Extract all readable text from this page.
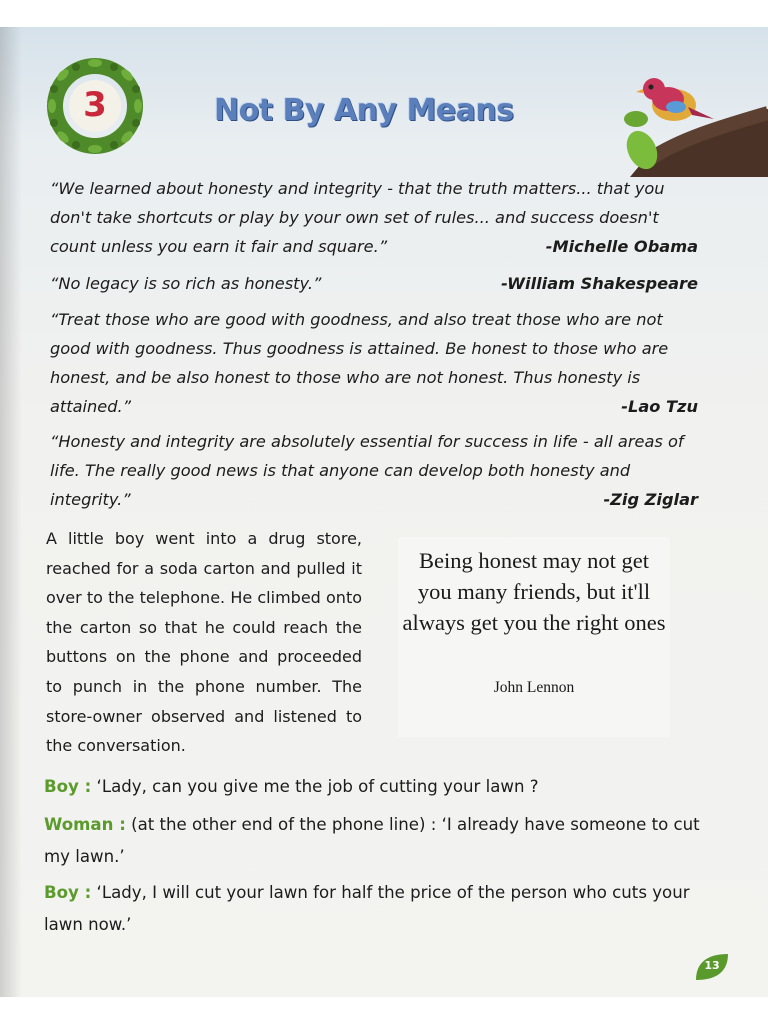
3	Not By Any Means
“We learned about honesty and integrity - that the truth matters... that you don't take shortcuts or play by your own set of rules... and success doesn't count unless you earn it fair and square.”	-Michelle Obama
“No legacy is so rich as honesty.”	-William Shakespeare
“Treat those who are good with goodness, and also treat those who are not good with goodness. Thus goodness is attained. Be honest to those who are honest, and be also honest to those who are not honest. Thus honesty is attained.”	-Lao Tzu
“Honesty and integrity are absolutely essential for success in life - all areas of life. The really good news is that anyone can develop both honesty and integrity.”	-Zig Ziglar
A little boy went into a drug store, reached for a soda carton and pulled it over to the telephone. He climbed onto the carton so that he could reach the buttons on the phone and proceeded to punch in the phone number. The store-owner observed and listened to the conversation.
Being honest may not get you many friends, but it'll always get you the right ones
John Lennon
Boy : ‘Lady, can you give me the job of cutting your lawn ?
Woman : (at the other end of the phone line) : ‘I already have someone to cut my lawn.’
Boy : ‘Lady, I will cut your lawn for half the price of the person who cuts your lawn now.’
13
